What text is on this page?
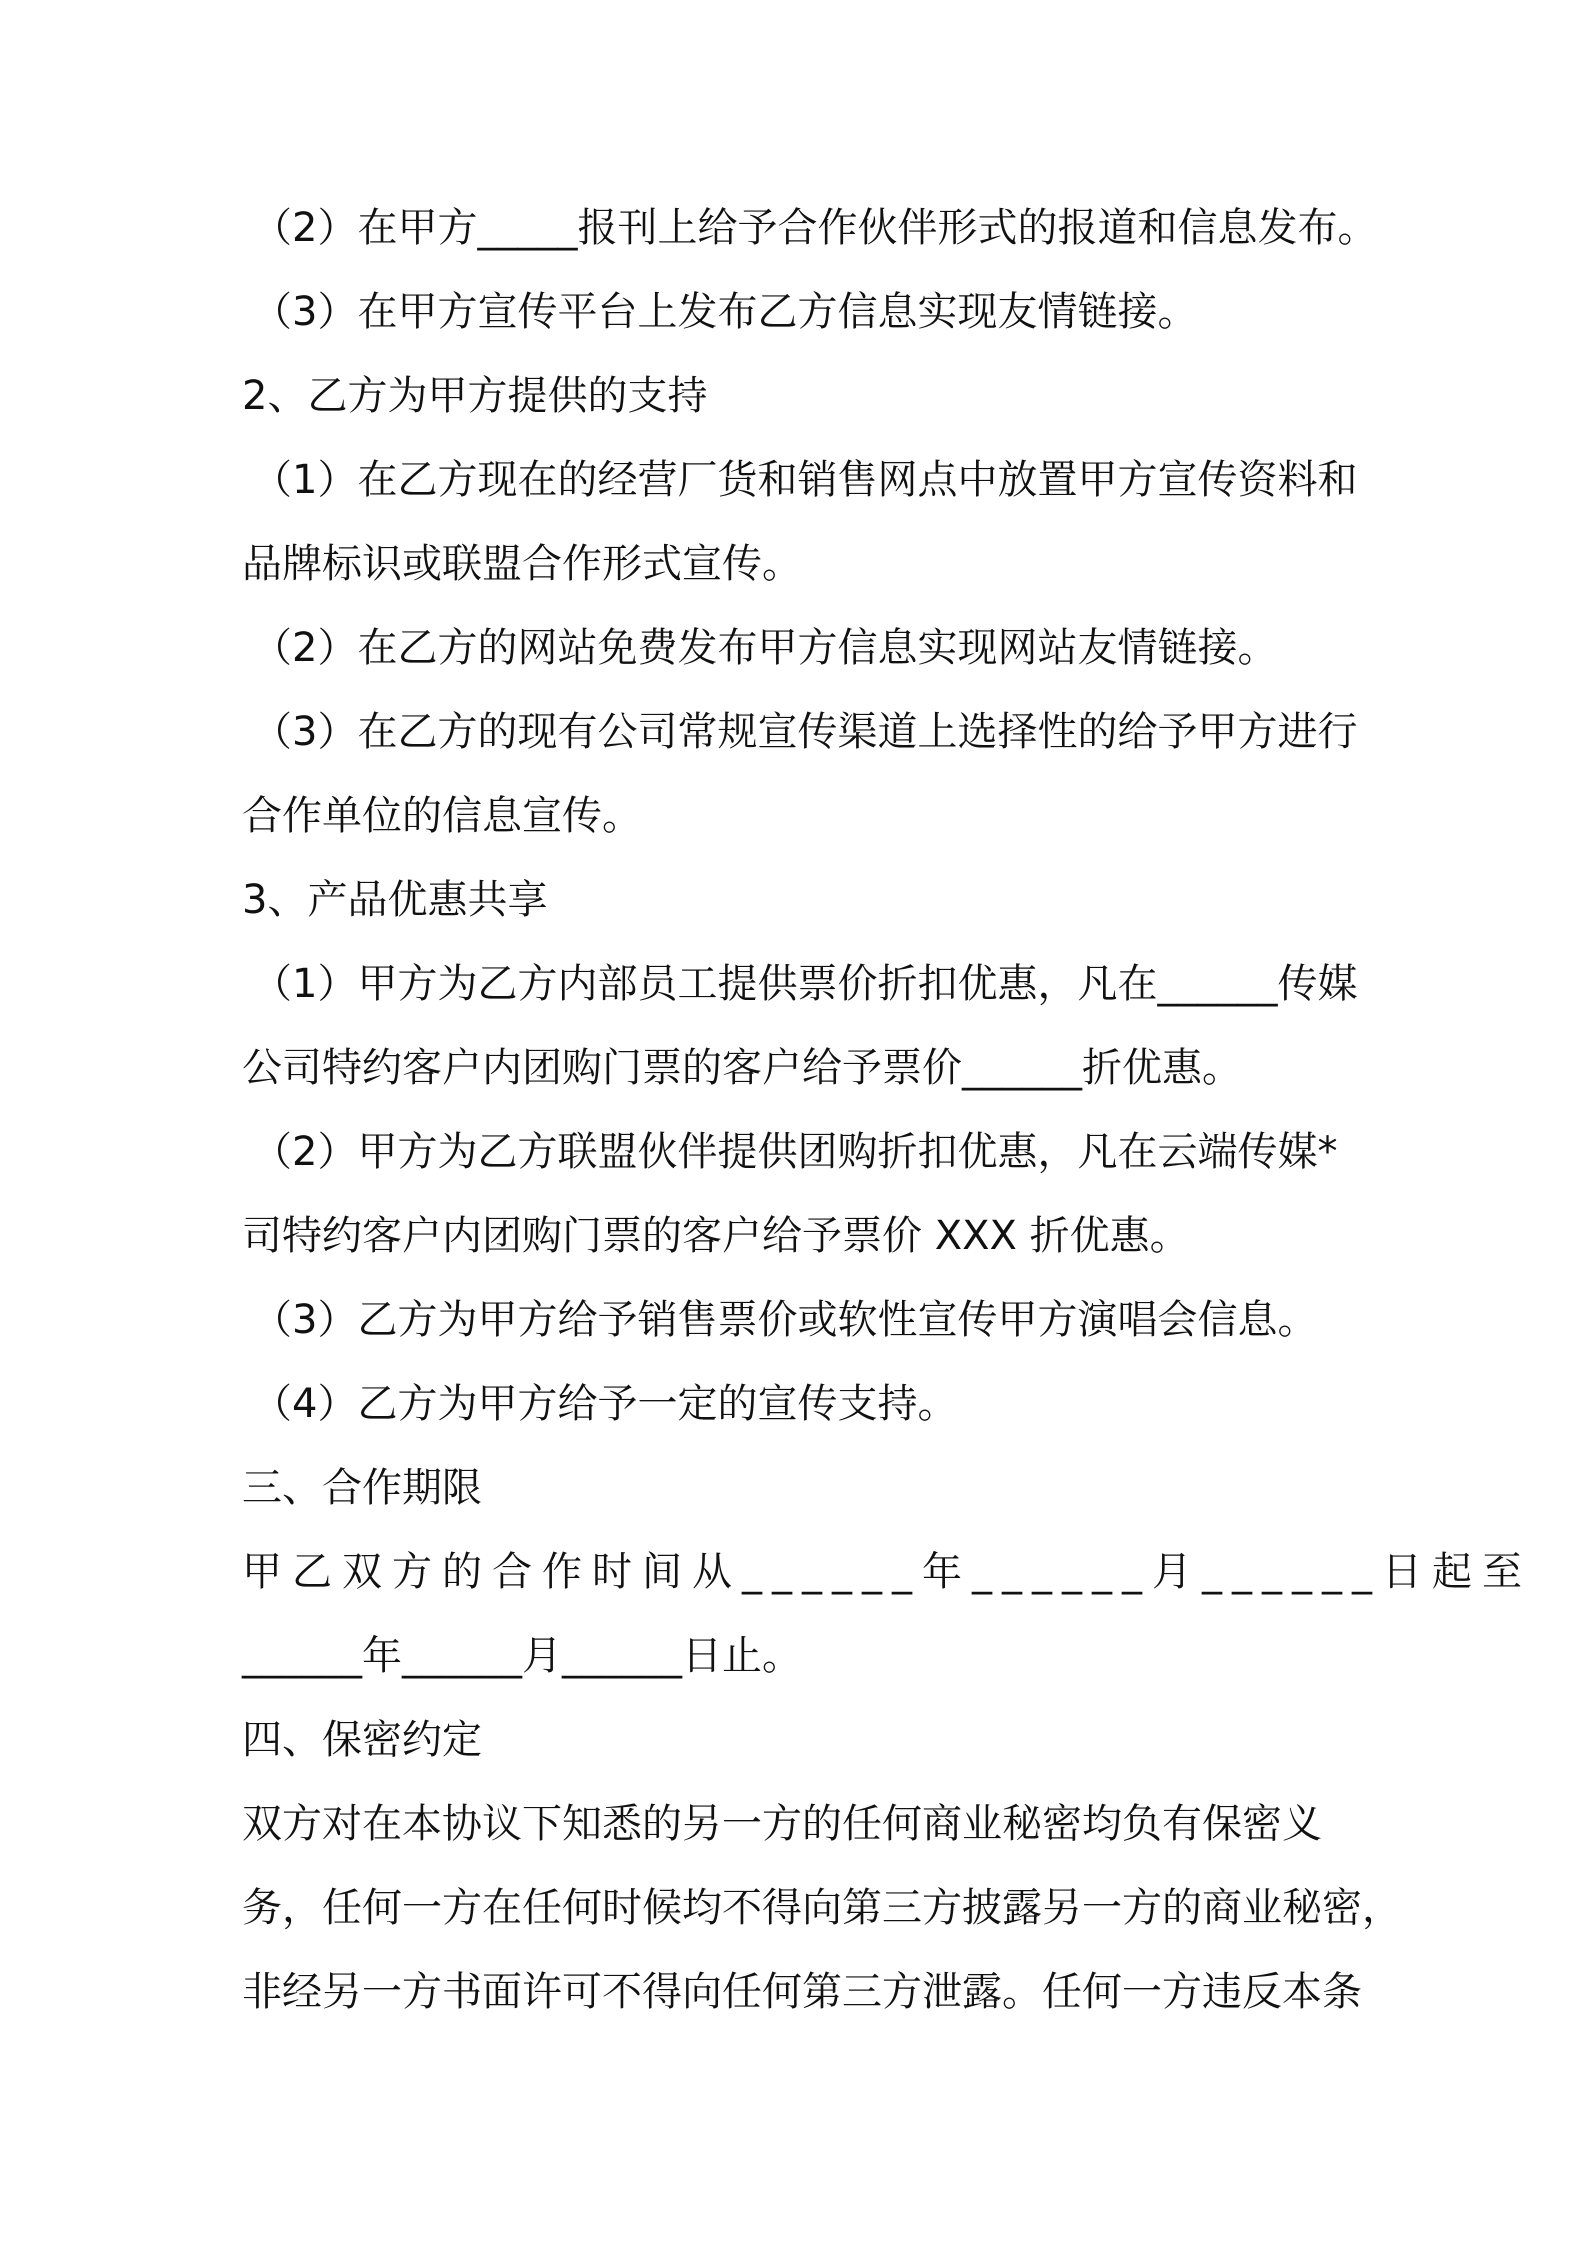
（2）在甲方_____报刊上给予合作伙伴形式的报道和信息发布。

（3）在甲方宣传平台上发布乙方信息实现友情链接。

2、乙方为甲方提供的支持

（1）在乙方现在的经营厂货和销售网点中放置甲方宣传资料和

品牌标识或联盟合作形式宣传。

（2）在乙方的网站免费发布甲方信息实现网站友情链接。

（3）在乙方的现有公司常规宣传渠道上选择性的给予甲方进行

合作单位的信息宣传。

3、产品优惠共享

（1）甲方为乙方内部员工提供票价折扣优惠，凡在______传媒

公司特约客户内团购门票的客户给予票价______折优惠。

（2）甲方为乙方联盟伙伴提供团购折扣优惠，凡在云端传媒*

司特约客户内团购门票的客户给予票价 XXX 折优惠。

（3）乙方为甲方给予销售票价或软性宣传甲方演唱会信息。

（4）乙方为甲方给予一定的宣传支持。

三、合作期限

甲乙双方的合作时间从______年______月______日起至

______年______月______日止。

四、保密约定

双方对在本协议下知悉的另一方的任何商业秘密均负有保密义

务，任何一方在任何时候均不得向第三方披露另一方的商业秘密，

非经另一方书面许可不得向任何第三方泄露。任何一方违反本条
